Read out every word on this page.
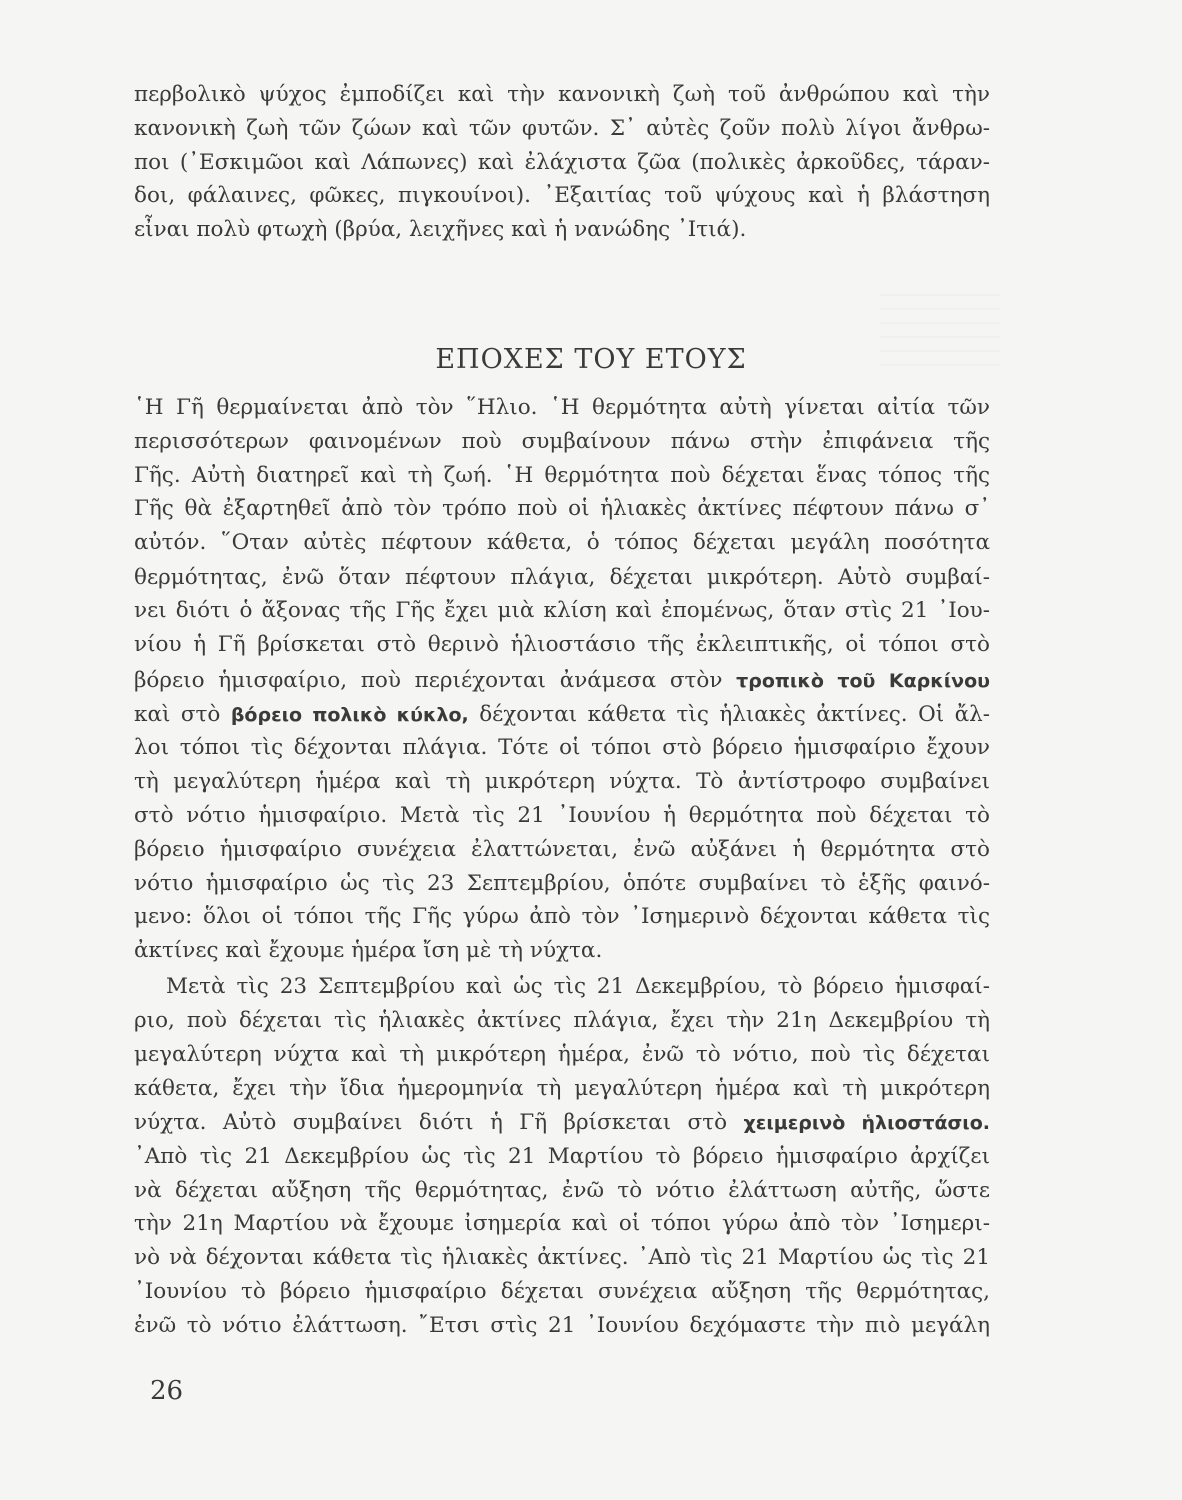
περβολικὸ ψύχος ἐμποδίζει καὶ τὴν κανονικὴ ζωὴ τοῦ ἀνθρώπου καὶ τὴν
κανονικὴ ζωὴ τῶν ζώων καὶ τῶν φυτῶν. Σ᾽ αὐτὲς ζοῦν πολὺ λίγοι ἄνθρω-
ποι (᾽Εσκιμῶοι καὶ Λάπωνες) καὶ ἐλάχιστα ζῶα (πολικὲς ἀρκοῦδες, τάραν-
δοι, φάλαινες, φῶκες, πιγκουίνοι). ᾽Εξαιτίας τοῦ ψύχους καὶ ἡ βλάστηση
εἶναι πολὺ φτωχὴ (βρύα, λειχῆνες καὶ ἡ νανώδης ᾽Ιτιά).
ΕΠΟΧΕΣ ΤΟΥ ΕΤΟΥΣ
῾Η Γῆ θερμαίνεται ἀπὸ τὸν ῞Ηλιο. ῾Η θερμότητα αὐτὴ γίνεται αἰτία τῶν
περισσότερων φαινομένων ποὺ συμβαίνουν πάνω στὴν ἐπιφάνεια τῆς
Γῆς. Αὐτὴ διατηρεῖ καὶ τὴ ζωή. ῾Η θερμότητα ποὺ δέχεται ἕνας τόπος τῆς
Γῆς θὰ ἐξαρτηθεῖ ἀπὸ τὸν τρόπο ποὺ οἱ ἡλιακὲς ἀκτίνες πέφτουν πάνω σ᾽
αὐτόν. ῞Οταν αὐτὲς πέφτουν κάθετα, ὁ τόπος δέχεται μεγάλη ποσότητα
θερμότητας, ἐνῶ ὅταν πέφτουν πλάγια, δέχεται μικρότερη. Αὐτὸ συμβαί-
νει διότι ὁ ἄξονας τῆς Γῆς ἔχει μιὰ κλίση καὶ ἐπομένως, ὅταν στὶς 21 ᾽Ιου-
νίου ἡ Γῆ βρίσκεται στὸ θερινὸ ἡλιοστάσιο τῆς ἐκλειπτικῆς, οἱ τόποι στὸ
βόρειο ἡμισφαίριο, ποὺ περιέχονται ἀνάμεσα στὸν τροπικὸ τοῦ Καρκίνου
καὶ στὸ βόρειο πολικὸ κύκλο, δέχονται κάθετα τὶς ἡλιακὲς ἀκτίνες. Οἱ ἄλ-
λοι τόποι τὶς δέχονται πλάγια. Τότε οἱ τόποι στὸ βόρειο ἡμισφαίριο ἔχουν
τὴ μεγαλύτερη ἡμέρα καὶ τὴ μικρότερη νύχτα. Τὸ ἀντίστροφο συμβαίνει
στὸ νότιο ἡμισφαίριο. Μετὰ τὶς 21 ᾽Ιουνίου ἡ θερμότητα ποὺ δέχεται τὸ
βόρειο ἡμισφαίριο συνέχεια ἐλαττώνεται, ἐνῶ αὐξάνει ἡ θερμότητα στὸ
νότιο ἡμισφαίριο ὡς τὶς 23 Σεπτεμβρίου, ὁπότε συμβαίνει τὸ ἑξῆς φαινό-
μενο: ὅλοι οἱ τόποι τῆς Γῆς γύρω ἀπὸ τὸν ᾽Ισημερινὸ δέχονται κάθετα τὶς
ἀκτίνες καὶ ἔχουμε ἡμέρα ἴση μὲ τὴ νύχτα.
Μετὰ τὶς 23 Σεπτεμβρίου καὶ ὡς τὶς 21 Δεκεμβρίου, τὸ βόρειο ἡμισφαί-
ριο, ποὺ δέχεται τὶς ἡλιακὲς ἀκτίνες πλάγια, ἔχει τὴν 21η Δεκεμβρίου τὴ
μεγαλύτερη νύχτα καὶ τὴ μικρότερη ἡμέρα, ἐνῶ τὸ νότιο, ποὺ τὶς δέχεται
κάθετα, ἔχει τὴν ἴδια ἡμερομηνία τὴ μεγαλύτερη ἡμέρα καὶ τὴ μικρότερη
νύχτα. Αὐτὸ συμβαίνει διότι ἡ Γῆ βρίσκεται στὸ χειμερινὸ ἡλιοστάσιο.
᾽Απὸ τὶς 21 Δεκεμβρίου ὡς τὶς 21 Μαρτίου τὸ βόρειο ἡμισφαίριο ἀρχίζει
νὰ δέχεται αὔξηση τῆς θερμότητας, ἐνῶ τὸ νότιο ἐλάττωση αὐτῆς, ὥστε
τὴν 21η Μαρτίου νὰ ἔχουμε ἰσημερία καὶ οἱ τόποι γύρω ἀπὸ τὸν ᾽Ισημερι-
νὸ νὰ δέχονται κάθετα τὶς ἡλιακὲς ἀκτίνες. ᾽Απὸ τὶς 21 Μαρτίου ὡς τὶς 21
᾽Ιουνίου τὸ βόρειο ἡμισφαίριο δέχεται συνέχεια αὔξηση τῆς θερμότητας,
ἐνῶ τὸ νότιο ἐλάττωση. ῎Ετσι στὶς 21 ᾽Ιουνίου δεχόμαστε τὴν πιὸ μεγάλη
26
